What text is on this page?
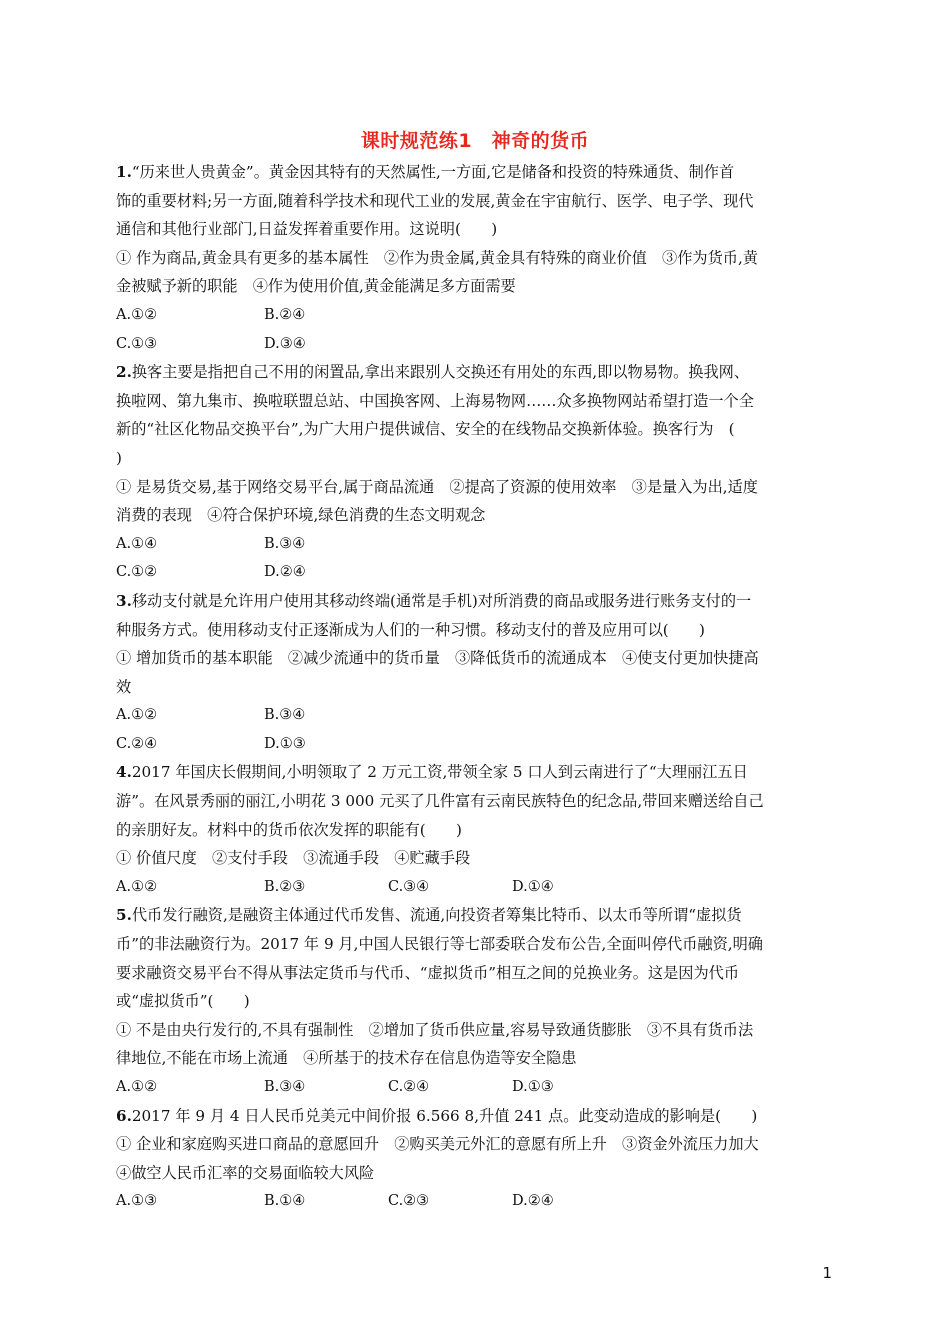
课时规范练1　神奇的货币
1.“历来世人贵黄金”。黄金因其特有的天然属性,一方面,它是储备和投资的特殊通货、制作首
饰的重要材料;另一方面,随着科学技术和现代工业的发展,黄金在宇宙航行、医学、电子学、现代
通信和其他行业部门,日益发挥着重要作用。这说明(　　)
① 作为商品,黄金具有更多的基本属性　②作为贵金属,黄金具有特殊的商业价值　③作为货币,黄
金被赋予新的职能　④作为使用价值,黄金能满足多方面需要
A.①②	B.②④
C.①③	D.③④
2.换客主要是指把自己不用的闲置品,拿出来跟别人交换还有用处的东西,即以物易物。换我网、
换啦网、第九集市、换啦联盟总站、中国换客网、上海易物网……众多换物网站希望打造一个全
新的“社区化物品交换平台”,为广大用户提供诚信、安全的在线物品交换新体验。换客行为　(
)
① 是易货交易,基于网络交易平台,属于商品流通　②提高了资源的使用效率　③是量入为出,适度
消费的表现　④符合保护环境,绿色消费的生态文明观念
A.①④	B.③④
C.①②	D.②④
3.移动支付就是允许用户使用其移动终端(通常是手机)对所消费的商品或服务进行账务支付的一
种服务方式。使用移动支付正逐渐成为人们的一种习惯。移动支付的普及应用可以(　　)
① 增加货币的基本职能　②减少流通中的货币量　③降低货币的流通成本　④使支付更加快捷高
效
A.①②	B.③④
C.②④	D.①③
4.2017 年国庆长假期间,小明领取了 2 万元工资,带领全家 5 口人到云南进行了“大理丽江五日
游”。在风景秀丽的丽江,小明花 3 000 元买了几件富有云南民族特色的纪念品,带回来赠送给自己
的亲朋好友。材料中的货币依次发挥的职能有(　　)
① 价值尺度　②支付手段　③流通手段　④贮藏手段
A.①②	B.②③	C.③④	D.①④
5.代币发行融资,是融资主体通过代币发售、流通,向投资者筹集比特币、以太币等所谓“虚拟货
币”的非法融资行为。2017 年 9 月,中国人民银行等七部委联合发布公告,全面叫停代币融资,明确
要求融资交易平台不得从事法定货币与代币、“虚拟货币”相互之间的兑换业务。这是因为代币
或“虚拟货币”(　　)
① 不是由央行发行的,不具有强制性　②增加了货币供应量,容易导致通货膨胀　③不具有货币法
律地位,不能在市场上流通　④所基于的技术存在信息伪造等安全隐患
A.①②	B.③④	C.②④	D.①③
6.2017 年 9 月 4 日人民币兑美元中间价报 6.566 8,升值 241 点。此变动造成的影响是(　　)
① 企业和家庭购买进口商品的意愿回升　②购买美元外汇的意愿有所上升　③资金外流压力加大
④做空人民币汇率的交易面临较大风险
A.①③	B.①④	C.②③	D.②④
1
